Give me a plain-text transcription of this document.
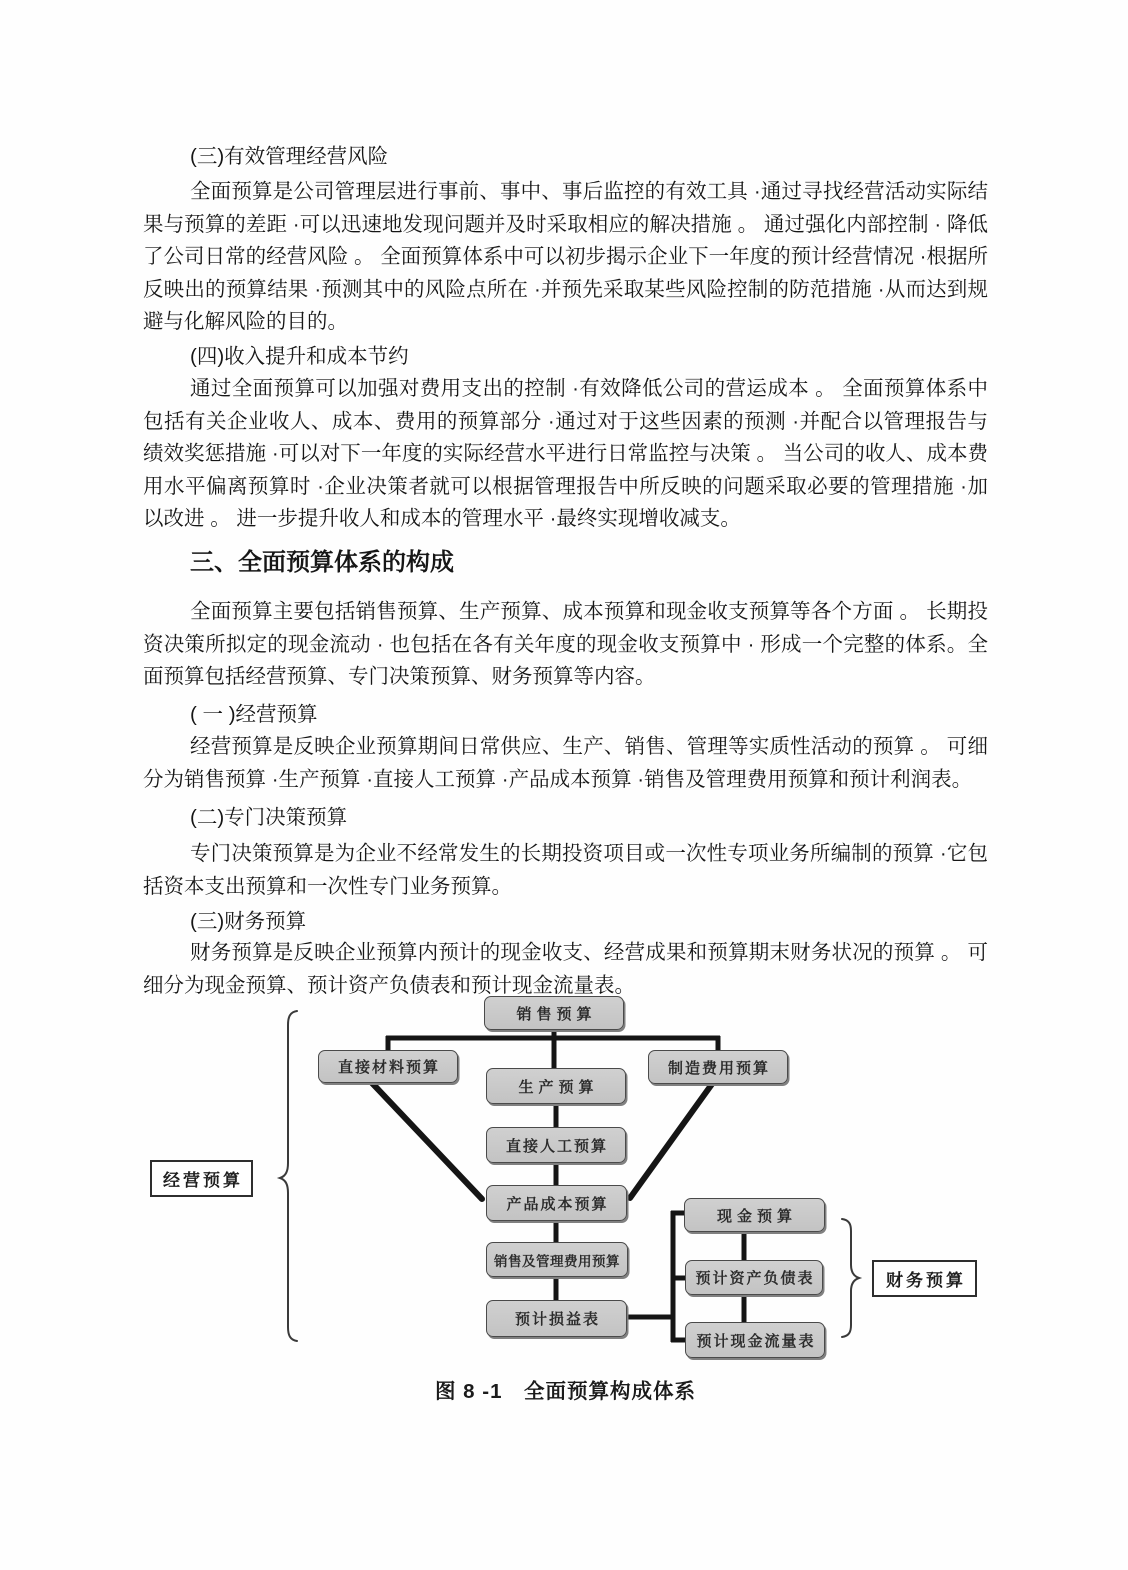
(三)有效管理经营风险
全面预算是公司管理层进行事前、事中、事后监控的有效工具 ·通过寻找经营活动实际结果与预算的差距 ·可以迅速地发现问题并及时采取相应的解决措施 。 通过强化内部控制 · 降低了公司日常的经营风险 。 全面预算体系中可以初步揭示企业下一年度的预计经营情况 ·根据所反映出的预算结果 ·预测其中的风险点所在 ·并预先采取某些风险控制的防范措施 ·从而达到规避与化解风险的目的。
(四)收入提升和成本节约
通过全面预算可以加强对费用支出的控制 ·有效降低公司的营运成本 。 全面预算体系中包括有关企业收人、成本、费用的预算部分 ·通过对于这些因素的预测 ·并配合以管理报告与绩效奖惩措施 ·可以对下一年度的实际经营水平进行日常监控与决策 。 当公司的收人、成本费用水平偏离预算时 ·企业决策者就可以根据管理报告中所反映的问题采取必要的管理措施 ·加以改进 。 进一步提升收人和成本的管理水平 ·最终实现增收减支。
三、全面预算体系的构成
全面预算主要包括销售预算、生产预算、成本预算和现金收支预算等各个方面 。 长期投资决策所拟定的现金流动 · 也包括在各有关年度的现金收支预算中 · 形成一个完整的体系。全面预算包括经营预算、专门决策预算、财务预算等内容。
( 一 )经营预算
经营预算是反映企业预算期间日常供应、生产、销售、管理等实质性活动的预算 。 可细分为销售预算 ·生产预算 ·直接人工预算 ·产品成本预算 ·销售及管理费用预算和预计利润表。
(二)专门决策预算
专门决策预算是为企业不经常发生的长期投资项目或一次性专项业务所编制的预算 ·它包括资本支出预算和一次性专门业务预算。
(三)财务预算
财务预算是反映企业预算内预计的现金收支、经营成果和预算期末财务状况的预算 。 可细分为现金预算、预计资产负债表和预计现金流量表。
销售预算
直接材料预算
生产预算
制造费用预算
直接人工预算
产品成本预算
销售及管理费用预算
预计损益表
现金预算
预计资产负债表
预计现金流量表
经营预算
财务预算
图 8 -1　全面预算构成体系
